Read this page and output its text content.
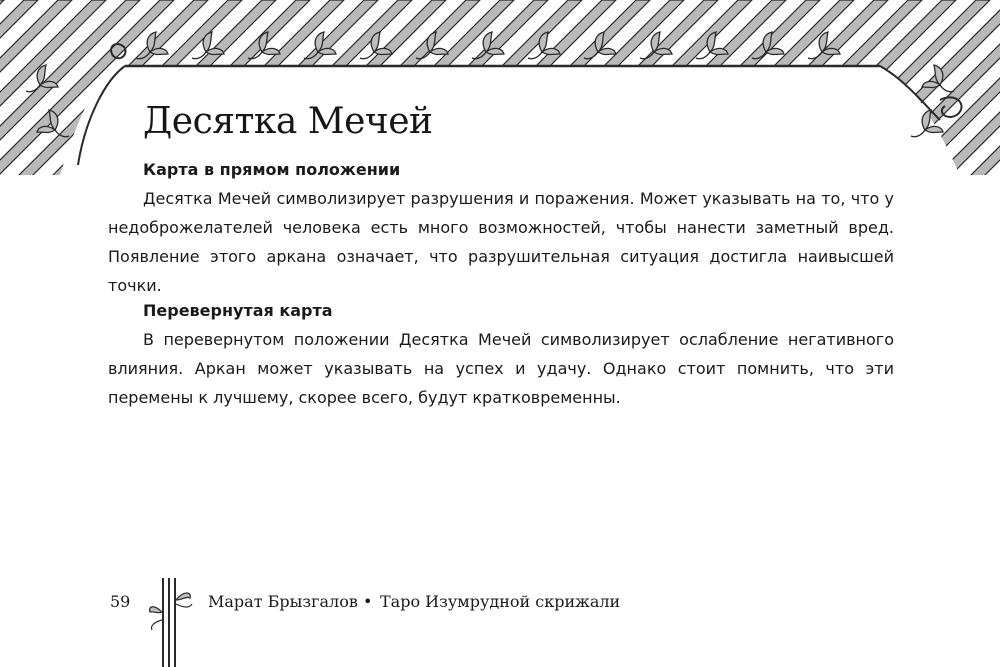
Десятка Мечей
Карта в прямом положении

Десятка Мечей символизирует разрушения и поражения. Может указывать на то, что у недоброжелателей человека есть много возможностей, чтобы нанести заметный вред. Появление этого аркана означает, что разрушительная ситуация достигла наивысшей точки.

Перевернутая карта

В перевернутом положении Десятка Мечей символизирует ослабление негативного влияния. Аркан может указывать на успех и удачу. Однако стоит помнить, что эти перемены к лучшему, скорее всего, будут кратковременны.

59	Марат Брызгалов • Таро Изумрудной скрижали
